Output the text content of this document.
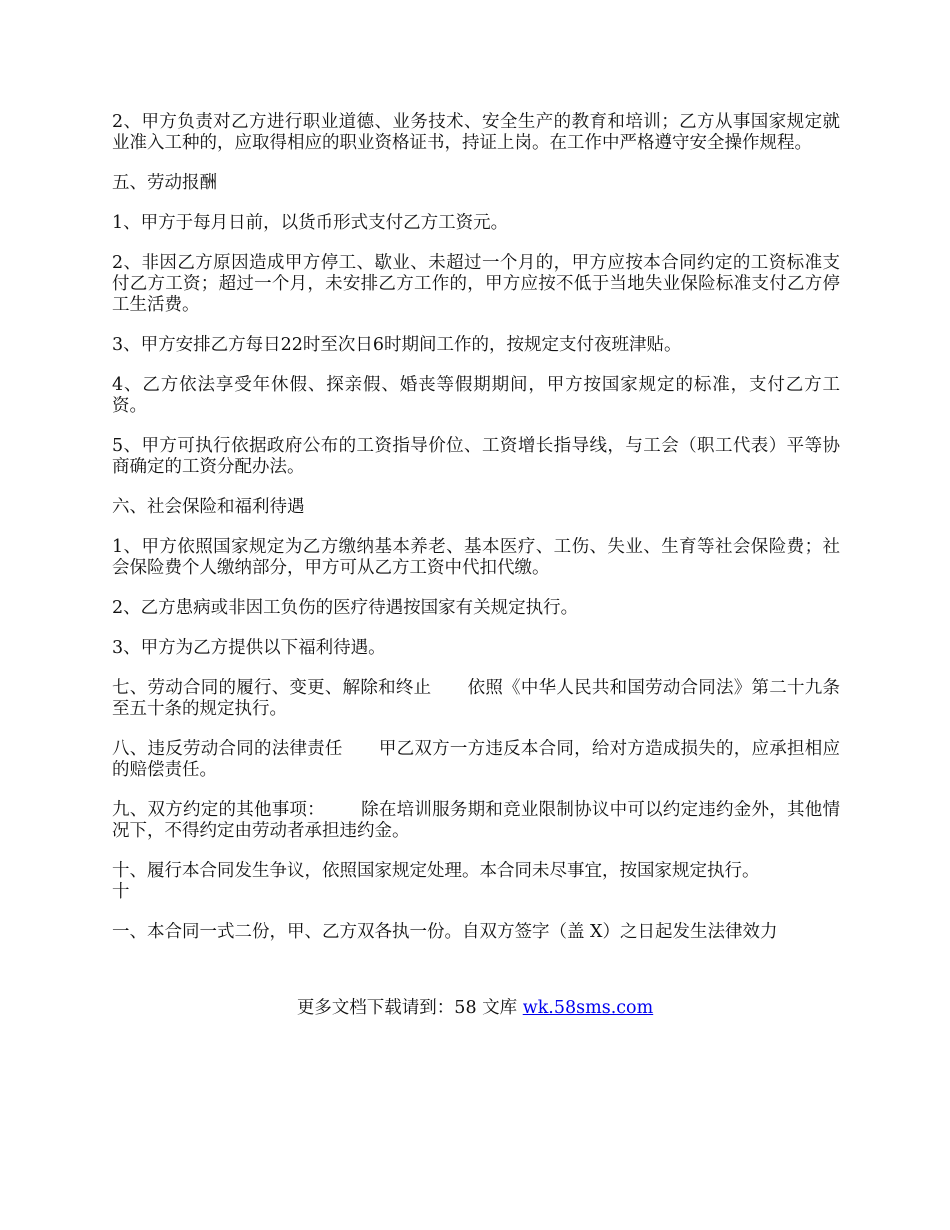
2、甲方负责对乙方进行职业道德、业务技术、安全生产的教育和培训；乙方从事国家规定就业准入工种的，应取得相应的职业资格证书，持证上岗。在工作中严格遵守安全操作规程。

五、劳动报酬

1、甲方于每月日前，以货币形式支付乙方工资元。

2、非因乙方原因造成甲方停工、歇业、未超过一个月的，甲方应按本合同约定的工资标准支付乙方工资；超过一个月，未安排乙方工作的，甲方应按不低于当地失业保险标准支付乙方停工生活费。

3、甲方安排乙方每日22时至次日6时期间工作的，按规定支付夜班津贴。

4、乙方依法享受年休假、探亲假、婚丧等假期期间，甲方按国家规定的标准，支付乙方工资。

5、甲方可执行依据政府公布的工资指导价位、工资增长指导线，与工会（职工代表）平等协商确定的工资分配办法。

六、社会保险和福利待遇

1、甲方依照国家规定为乙方缴纳基本养老、基本医疗、工伤、失业、生育等社会保险费；社会保险费个人缴纳部分，甲方可从乙方工资中代扣代缴。

2、乙方患病或非因工负伤的医疗待遇按国家有关规定执行。

3、甲方为乙方提供以下福利待遇。

七、劳动合同的履行、变更、解除和终止 依照《中华人民共和国劳动合同法》第二十九条至五十条的规定执行。

八、违反劳动合同的法律责任 甲乙双方一方违反本合同，给对方造成损失的，应承担相应的赔偿责任。

九、双方约定的其他事项： 除在培训服务期和竞业限制协议中可以约定违约金外，其他情况下，不得约定由劳动者承担违约金。

十、履行本合同发生争议，依照国家规定处理。本合同未尽事宜，按国家规定执行。

十

一、本合同一式二份，甲、乙方双各执一份。自双方签字（盖 X）之日起发生法律效力

更多文档下载请到：58 文库 wk.58sms.com
